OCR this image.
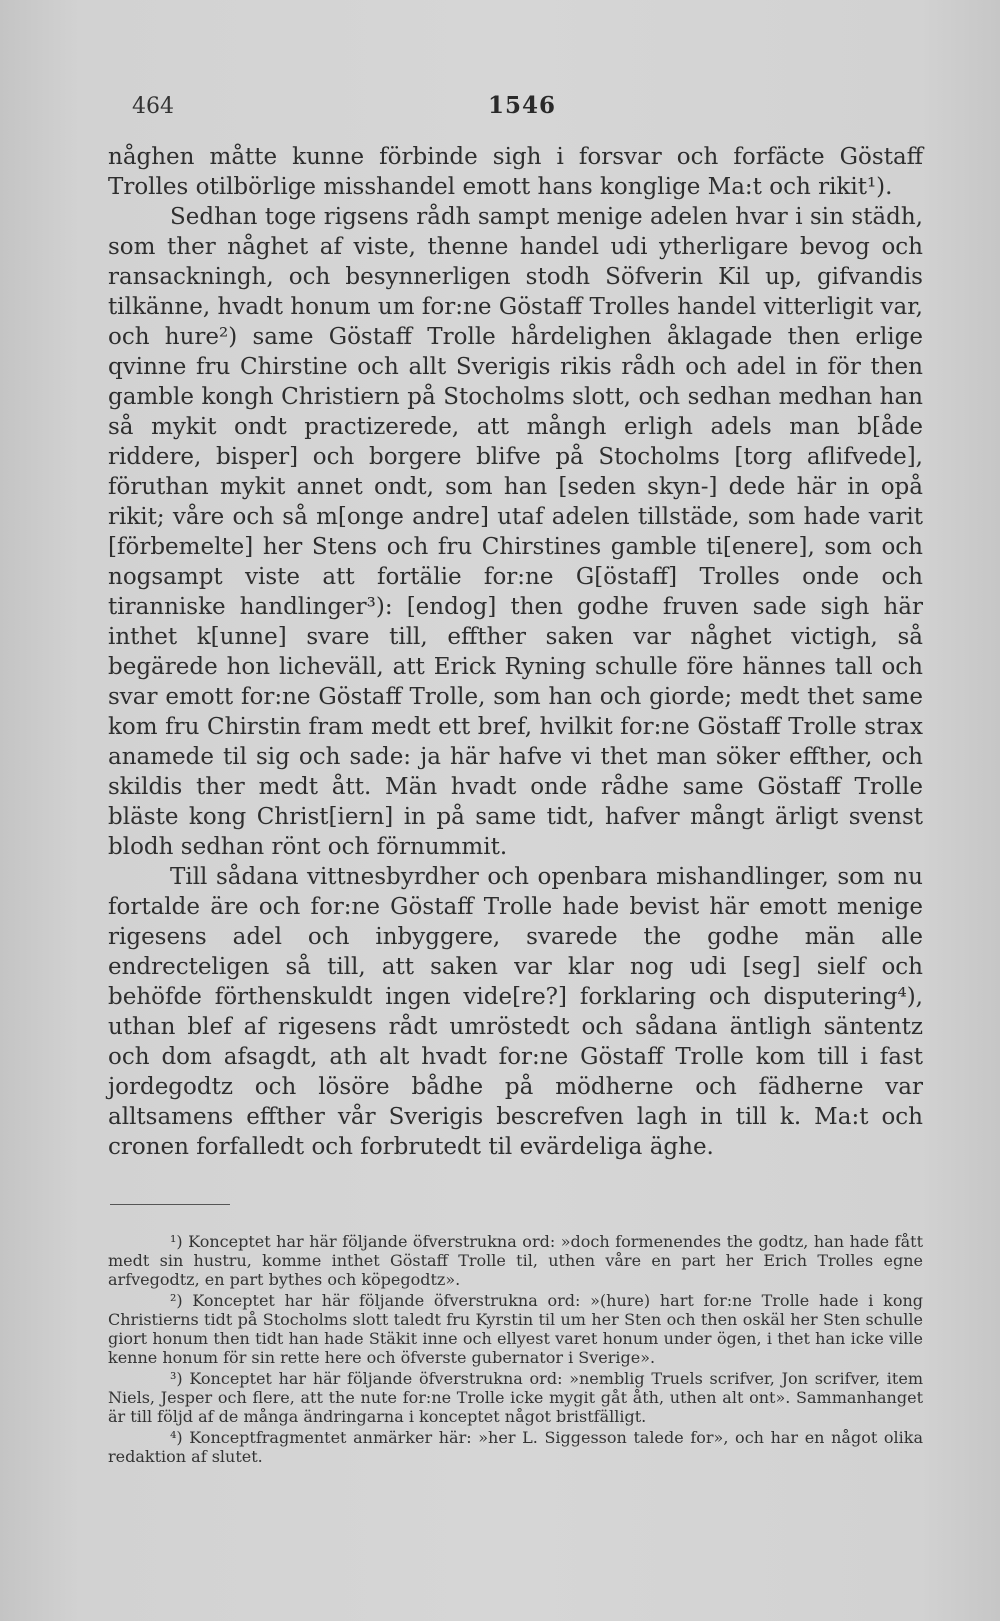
464	1546

någhen måtte kunne förbinde sigh i forsvar och forfäcte Göstaff Trolles otilbörlige misshandel emott hans konglige Ma:t och rikit¹).

Sedhan toge rigsens rådh sampt menige adelen hvar i sin städh, som ther någhet af viste, thenne handel udi ytherligare bevog och ransackningh, och besynnerligen stodh Söfverin Kil up, gifvandis tilkänne, hvadt honum um for:ne Göstaff Trolles handel vitterligit var, och hure²) same Göstaff Trolle hårdelighen åklagade then erlige qvinne fru Chirstine och allt Sverigis rikis rådh och adel in för then gamble kongh Christiern på Stocholms slott, och sedhan medhan han så mykit ondt practizerede, att mångh erligh adels man b[åde riddere, bisper] och borgere blifve på Stocholms [torg aflifvede], föruthan mykit annet ondt, som han [seden skyn-] dede här in opå rikit; våre och så m[onge andre] utaf adelen tillstäde, som hade varit [förbemelte] her Stens och fru Chirstines gamble ti[enere], som och nogsampt viste att fortälie for:ne G[östaff] Trolles onde och tiranniske handlinger³): [endog] then godhe fruven sade sigh här inthet k[unne] svare till, effther saken var någhet victigh, så begärede hon licheväll, att Erick Ryning schulle före hännes tall och svar emott for:ne Göstaff Trolle, som han och giorde; medt thet same kom fru Chirstin fram medt ett bref, hvilkit for:ne Göstaff Trolle strax anamede til sig och sade: ja här hafve vi thet man söker effther, och skildis ther medt ått. Män hvadt onde rådhe same Göstaff Trolle bläste kong Christ[iern] in på same tidt, hafver mångt ärligt svenst blodh sedhan rönt och förnummit.

Till sådana vittnesbyrdher och openbara mishandlinger, som nu fortalde äre och for:ne Göstaff Trolle hade bevist här emott menige rigesens adel och inbyggere, svarede the godhe män alle endrecteligen så till, att saken var klar nog udi [seg] sielf och behöfde förthenskuldt ingen vide[re?] forklaring och disputering⁴), uthan blef af rigesens rådt umröstedt och sådana äntligh säntentz och dom afsagdt, ath alt hvadt for:ne Göstaff Trolle kom till i fast jordegodtz och lösöre bådhe på mödherne och fädherne var alltsamens effther vår Sverigis bescrefven lagh in till k. Ma:t och cronen forfalledt och forbrutedt til evärdeliga äghe.

¹) Konceptet har här följande öfverstrukna ord: »doch formenendes the godtz, han hade fått medt sin hustru, komme inthet Göstaff Trolle til, uthen våre en part her Erich Trolles egne arfvegodtz, en part bythes och köpegodtz».

²) Konceptet har här följande öfverstrukna ord: »(hure) hart for:ne Trolle hade i kong Christierns tidt på Stocholms slott taledt fru Kyrstin til um her Sten och then oskäl her Sten schulle giort honum then tidt han hade Stäkit inne och ellyest varet honum under ögen, i thet han icke ville kenne honum för sin rette here och öfverste gubernator i Sverige».

³) Konceptet har här följande öfverstrukna ord: »nemblig Truels scrifver, Jon scrifver, item Niels, Jesper och flere, att the nute for:ne Trolle icke mygit gåt åth, uthen alt ont». Sammanhanget är till följd af de många ändringarna i konceptet något bristfälligt.

⁴) Konceptfragmentet anmärker här: »her L. Siggesson talede for», och har en något olika redaktion af slutet.
